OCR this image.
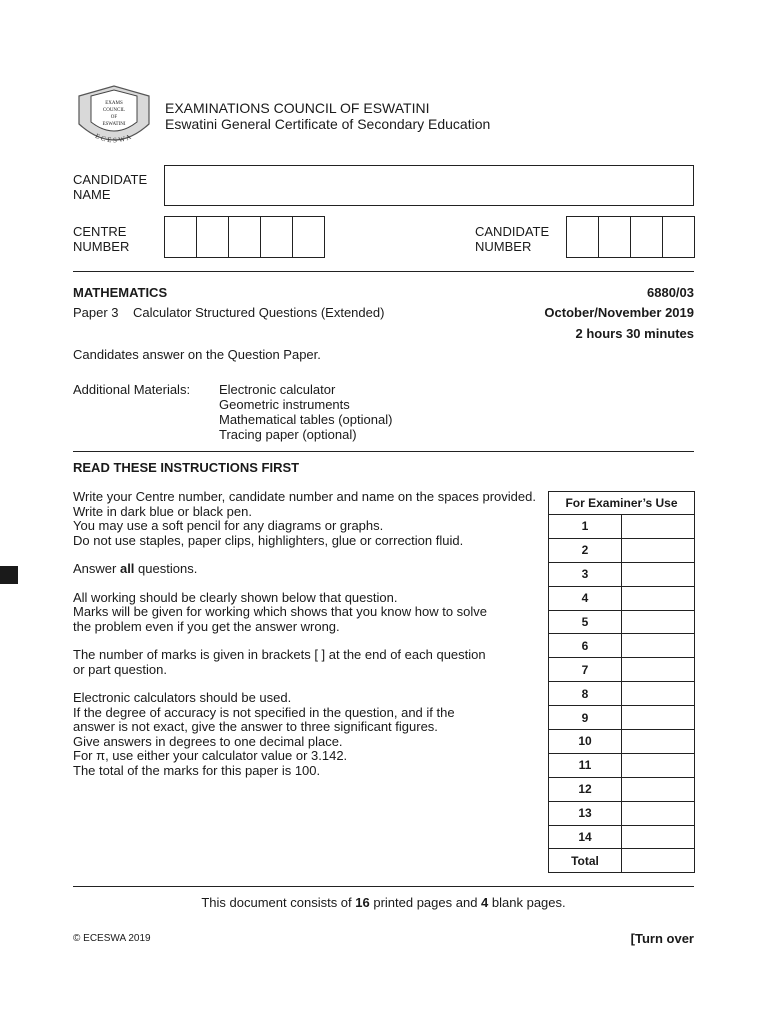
EXAMS
COUNCIL
OF
ESWATINI
ECESWA
EXAMINATIONS COUNCIL OF ESWATINI
Eswatini General Certificate of Secondary Education
CANDIDATE
NAME
CENTRE
NUMBER
CANDIDATE
NUMBER
MATHEMATICS	6880/03
Paper 3    Calculator Structured Questions (Extended)	October/November 2019
2 hours 30 minutes
Candidates answer on the Question Paper.
Additional Materials: Electronic calculator
Geometric instruments
Mathematical tables (optional)
Tracing paper (optional)
READ THESE INSTRUCTIONS FIRST

Write your Centre number, candidate number and name on the spaces provided.
Write in dark blue or black pen.
You may use a soft pencil for any diagrams or graphs.
Do not use staples, paper clips, highlighters, glue or correction fluid.

Answer all questions.

All working should be clearly shown below that question.
Marks will be given for working which shows that you know how to solve
the problem even if you get the answer wrong.

The number of marks is given in brackets [ ] at the end of each question
or part question.

Electronic calculators should be used.
If the degree of accuracy is not specified in the question, and if the
answer is not exact, give the answer to three significant figures.
Give answers in degrees to one decimal place.
For π, use either your calculator value or 3.142.
The total of the marks for this paper is 100.

For Examiner’s Use	
1	
2	
3	
4	
5	
6	
7	
8	
9	
10	
11	
12	
13	
14	
Total	
This document consists of 16 printed pages and 4 blank pages.
© ECESWA 2019	[Turn over
